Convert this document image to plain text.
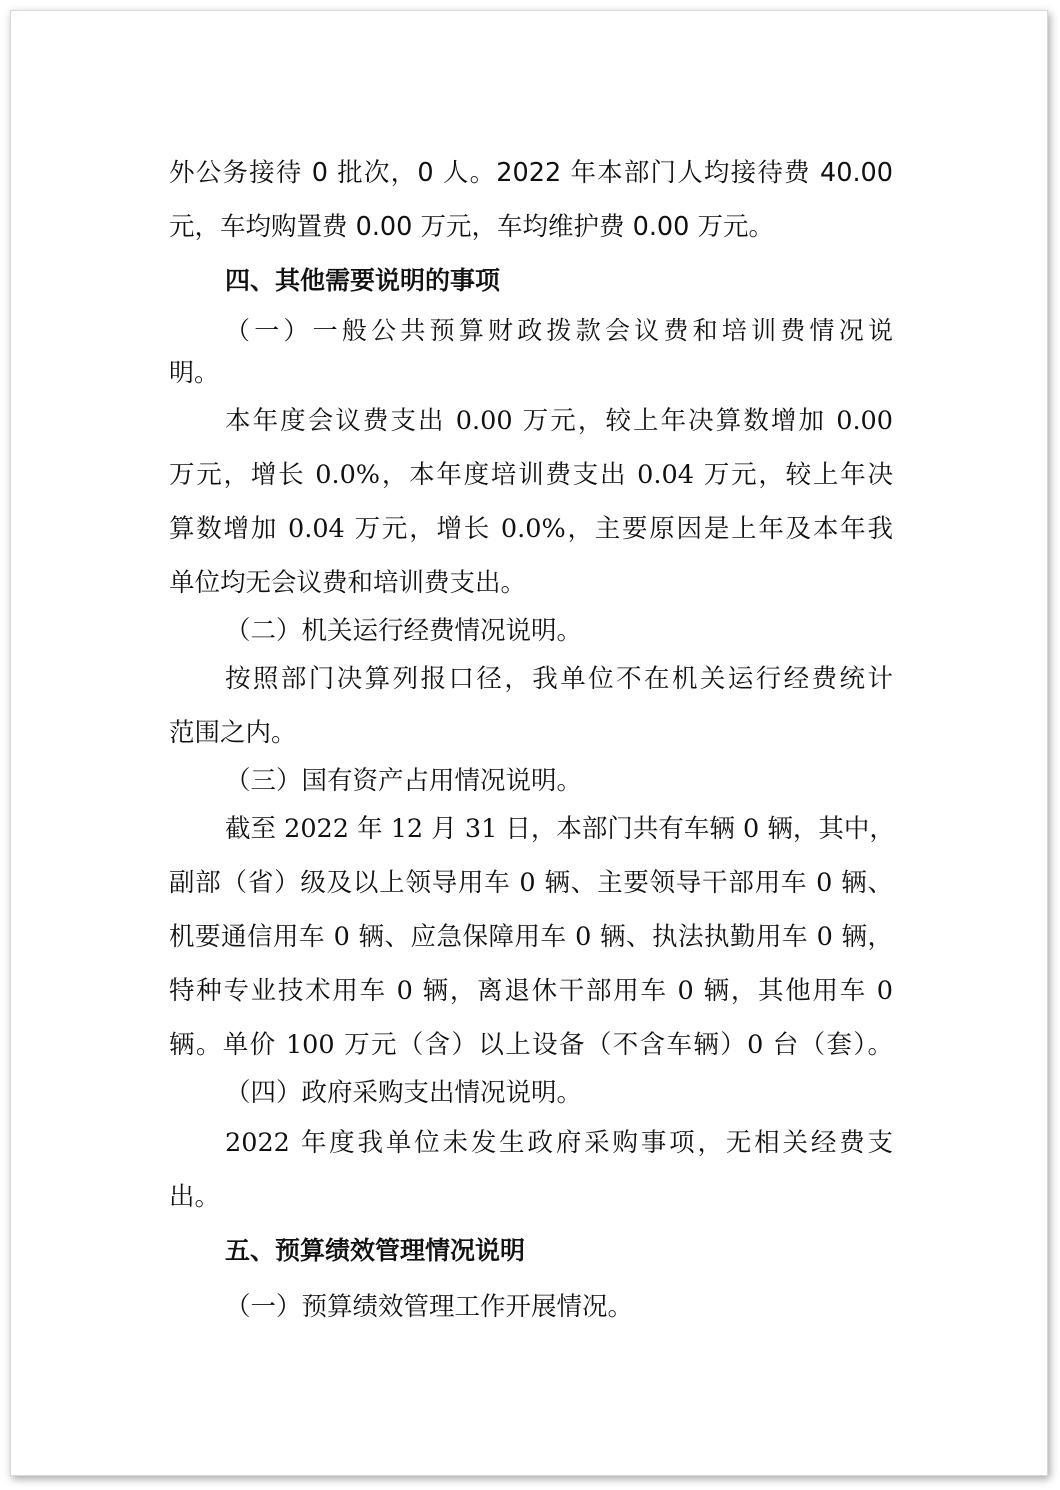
外公务接待 0 批次，0 人。2022 年本部门人均接待费 40.00
元，车均购置费 0.00 万元，车均维护费 0.00 万元。
四、其他需要说明的事项
（一）一般公共预算财政拨款会议费和培训费情况说
明。
本年度会议费支出 0.00 万元，较上年决算数增加 0.00
万元，增长 0.0%，本年度培训费支出 0.04 万元，较上年决
算数增加 0.04 万元，增长 0.0%，主要原因是上年及本年我
单位均无会议费和培训费支出。
（二）机关运行经费情况说明。
按照部门决算列报口径，我单位不在机关运行经费统计
范围之内。
（三）国有资产占用情况说明。
截至 2022 年 12 月 31 日，本部门共有车辆 0 辆，其中，
副部（省）级及以上领导用车 0 辆、主要领导干部用车 0 辆、
机要通信用车 0 辆、应急保障用车 0 辆、执法执勤用车 0 辆，
特种专业技术用车 0 辆，离退休干部用车 0 辆，其他用车 0
辆。单价 100 万元（含）以上设备（不含车辆）0 台（套）。
（四）政府采购支出情况说明。
2022 年度我单位未发生政府采购事项，无相关经费支
出。
五、预算绩效管理情况说明
（一）预算绩效管理工作开展情况。
